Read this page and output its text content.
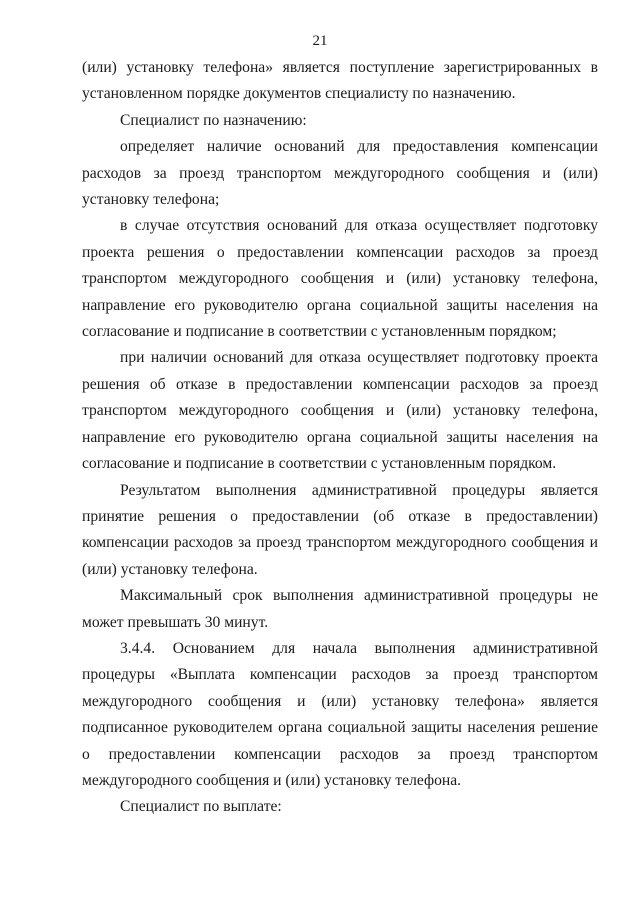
21

(или) установку телефона» является поступление зарегистрированных в установленном порядке документов специалисту по назначению.

Специалист по назначению:

определяет наличие оснований для предоставления компенсации расходов за проезд транспортом междугородного сообщения и (или) установку телефона;

в случае отсутствия оснований для отказа осуществляет подготовку проекта решения о предоставлении компенсации расходов за проезд транспортом междугородного сообщения и (или) установку телефона, направление его руководителю органа социальной защиты населения на согласование и подписание в соответствии с установленным порядком;

при наличии оснований для отказа осуществляет подготовку проекта решения об отказе в предоставлении компенсации расходов за проезд транспортом междугородного сообщения и (или) установку телефона, направление его руководителю органа социальной защиты населения на согласование и подписание в соответствии с установленным порядком.

Результатом выполнения административной процедуры является принятие решения о предоставлении (об отказе в предоставлении) компенсации расходов за проезд транспортом междугородного сообщения и (или) установку телефона.

Максимальный срок выполнения административной процедуры не может превышать 30 минут.

3.4.4. Основанием для начала выполнения административной процедуры «Выплата компенсации расходов за проезд транспортом междугородного сообщения и (или) установку телефона» является подписанное руководителем органа социальной защиты населения решение о предоставлении компенсации расходов за проезд транспортом междугородного сообщения и (или) установку телефона.

Специалист по выплате:
